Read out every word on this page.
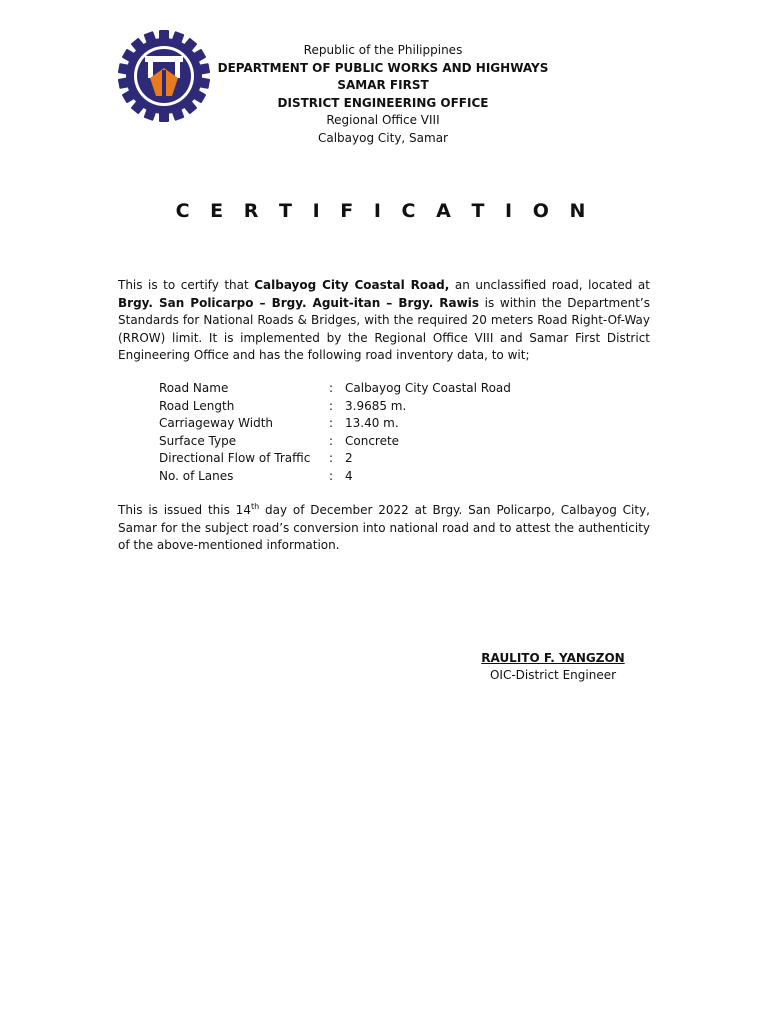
Republic of the Philippines
DEPARTMENT OF PUBLIC WORKS AND HIGHWAYS
SAMAR FIRST
DISTRICT ENGINEERING OFFICE
Regional Office VIII
Calbayog City, Samar
C E R T I F I C A T I O N

This is to certify that Calbayog City Coastal Road, an unclassified road, located at Brgy. San Policarpo – Brgy. Aguit-itan – Brgy. Rawis is within the Department’s Standards for National Roads & Bridges, with the required 20 meters Road Right-Of-Way (RROW) limit. It is implemented by the Regional Office VIII and Samar First District Engineering Office and has the following road inventory data, to wit;

Road Name	: Calbayog City Coastal Road
Road Length	: 3.9685 m.
Carriageway Width	: 13.40 m.
Surface Type	: Concrete
Directional Flow of Traffic	: 2
No. of Lanes	: 4

This is issued this 14th day of December 2022 at Brgy. San Policarpo, Calbayog City, Samar for the subject road’s conversion into national road and to attest the authenticity of the above-mentioned information.

RAULITO F. YANGZON
OIC-District Engineer
